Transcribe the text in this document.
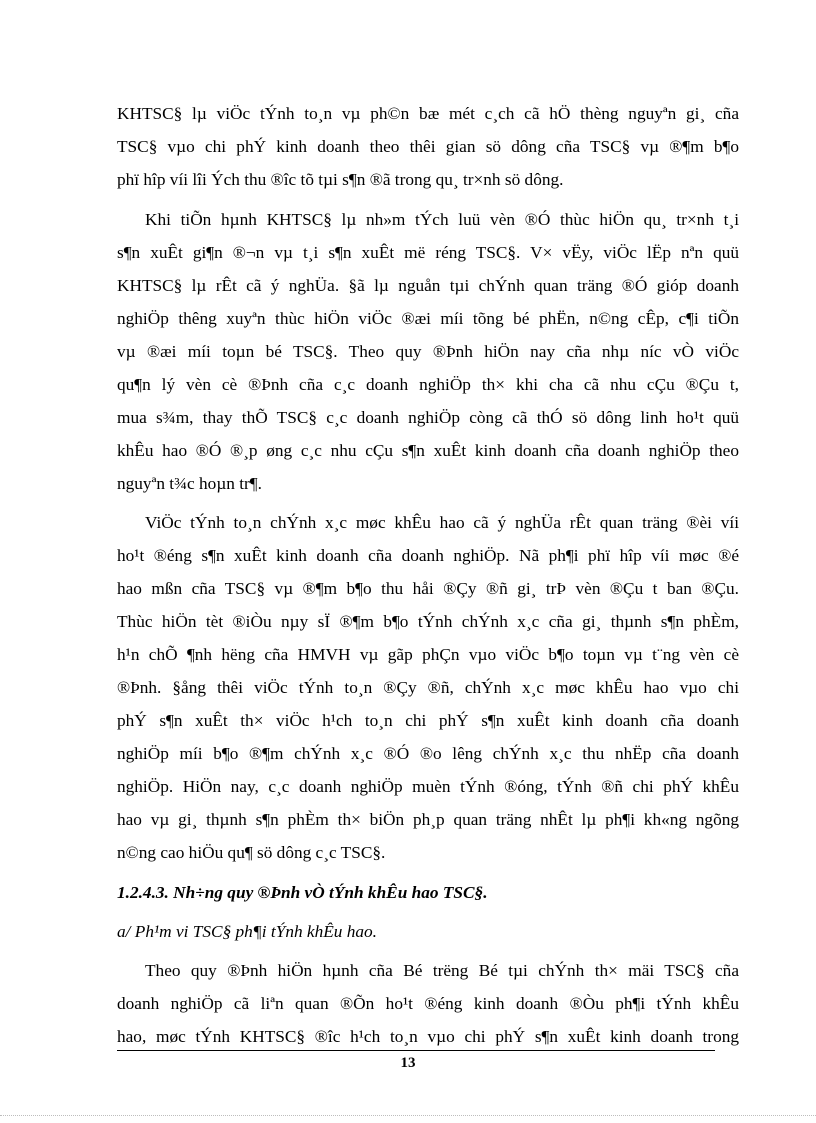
KHTSC§ lµ viÖc tÝnh to¸n vµ ph©n bæ mét c¸ch cã hÖ thèng nguyªn gi¸ cña
TSC§ vµo chi phÝ kinh doanh theo thêi gian sö dông cña TSC§ vµ ®¶m b¶o
phï hîp víi lîi Ých thu ®îc tõ tµi s¶n ®ã trong qu¸ tr×nh sö dông.
Khi tiÕn hµnh KHTSC§ lµ nh»m tÝch luü vèn ®Ó thùc hiÖn qu¸ tr×nh t¸i
s¶n xuÊt gi¶n ®¬n vµ t¸i s¶n xuÊt më réng TSC§. V× vËy, viÖc lËp nªn quü
KHTSC§ lµ rÊt cã ý nghÜa. §ã lµ nguån tµi chÝnh quan träng ®Ó gióp doanh
nghiÖp thêng xuyªn thùc hiÖn viÖc ®æi míi tõng bé phËn, n©ng cÊp, c¶i tiÕn
vµ ®æi míi toµn bé TSC§. Theo quy ®Þnh hiÖn nay cña nhµ níc vÒ viÖc
qu¶n lý vèn cè ®Þnh cña c¸c doanh nghiÖp th× khi cha cã nhu cÇu ®Çu t,
mua s¾m, thay thÕ TSC§ c¸c doanh nghiÖp còng cã thÓ sö dông linh ho¹t quü
khÊu hao ®Ó ®¸p øng c¸c nhu cÇu s¶n xuÊt kinh doanh cña doanh nghiÖp theo
nguyªn t¾c hoµn tr¶.
ViÖc tÝnh to¸n chÝnh x¸c møc khÊu hao cã ý nghÜa rÊt quan träng ®èi víi
ho¹t ®éng s¶n xuÊt kinh doanh cña doanh nghiÖp. Nã ph¶i phï hîp víi møc ®é
hao mßn cña TSC§ vµ ®¶m b¶o thu håi ®Çy ®ñ gi¸ trÞ vèn ®Çu t ban ®Çu.
Thùc hiÖn tèt ®iÒu nµy sÏ ®¶m b¶o tÝnh chÝnh x¸c cña gi¸ thµnh s¶n phÈm,
h¹n chÕ ¶nh hëng cña HMVH vµ gãp phÇn vµo viÖc b¶o toµn vµ t¨ng vèn cè
®Þnh. §ång thêi viÖc tÝnh to¸n ®Çy ®ñ, chÝnh x¸c møc khÊu hao vµo chi
phÝ s¶n xuÊt th× viÖc h¹ch to¸n chi phÝ s¶n xuÊt kinh doanh cña doanh
nghiÖp míi b¶o ®¶m chÝnh x¸c ®Ó ®o lêng chÝnh x¸c thu nhËp cña doanh
nghiÖp. HiÖn nay, c¸c doanh nghiÖp muèn tÝnh ®óng, tÝnh ®ñ chi phÝ khÊu
hao vµ gi¸ thµnh s¶n phÈm th× biÖn ph¸p quan träng nhÊt lµ ph¶i kh«ng ngõng
n©ng cao hiÖu qu¶ sö dông c¸c TSC§.
1.2.4.3. Nh÷ng quy ®Þnh vÒ tÝnh khÊu hao TSC§.
a/ Ph¹m vi TSC§ ph¶i tÝnh khÊu hao.
Theo quy ®Þnh hiÖn hµnh cña Bé trëng Bé tµi chÝnh th× mäi TSC§ cña
doanh nghiÖp cã liªn quan ®Õn ho¹t ®éng kinh doanh ®Òu ph¶i tÝnh khÊu
hao, møc tÝnh KHTSC§ ®îc h¹ch to¸n vµo chi phÝ s¶n xuÊt kinh doanh trong
13
